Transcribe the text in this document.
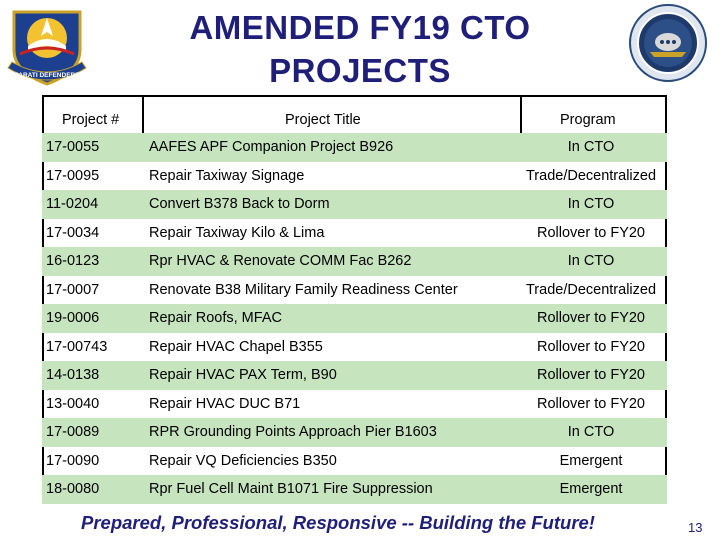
PARATI DEFENDERE
AMENDED FY19 CTO
PROJECTS
Project #	Project Title	Program
17-0055	AAFES APF Companion Project B926	In CTO
17-0095	Repair Taxiway Signage	Trade/Decentralized
11-0204	Convert B378 Back to Dorm	In CTO
17-0034	Repair Taxiway Kilo & Lima	Rollover to FY20
16-0123	Rpr HVAC & Renovate COMM Fac B262	In CTO
17-0007	Renovate B38 Military Family Readiness Center	Trade/Decentralized
19-0006	Repair Roofs, MFAC	Rollover to FY20
17-00743	Repair HVAC Chapel B355	Rollover to FY20
14-0138	Repair HVAC PAX Term, B90	Rollover to FY20
13-0040	Repair HVAC DUC B71	Rollover to FY20
17-0089	RPR Grounding Points Approach Pier B1603	In CTO
17-0090	Repair VQ Deficiencies B350	Emergent
18-0080	Rpr Fuel Cell Maint B1071 Fire Suppression	Emergent
Prepared, Professional, Responsive -- Building the Future!	13
